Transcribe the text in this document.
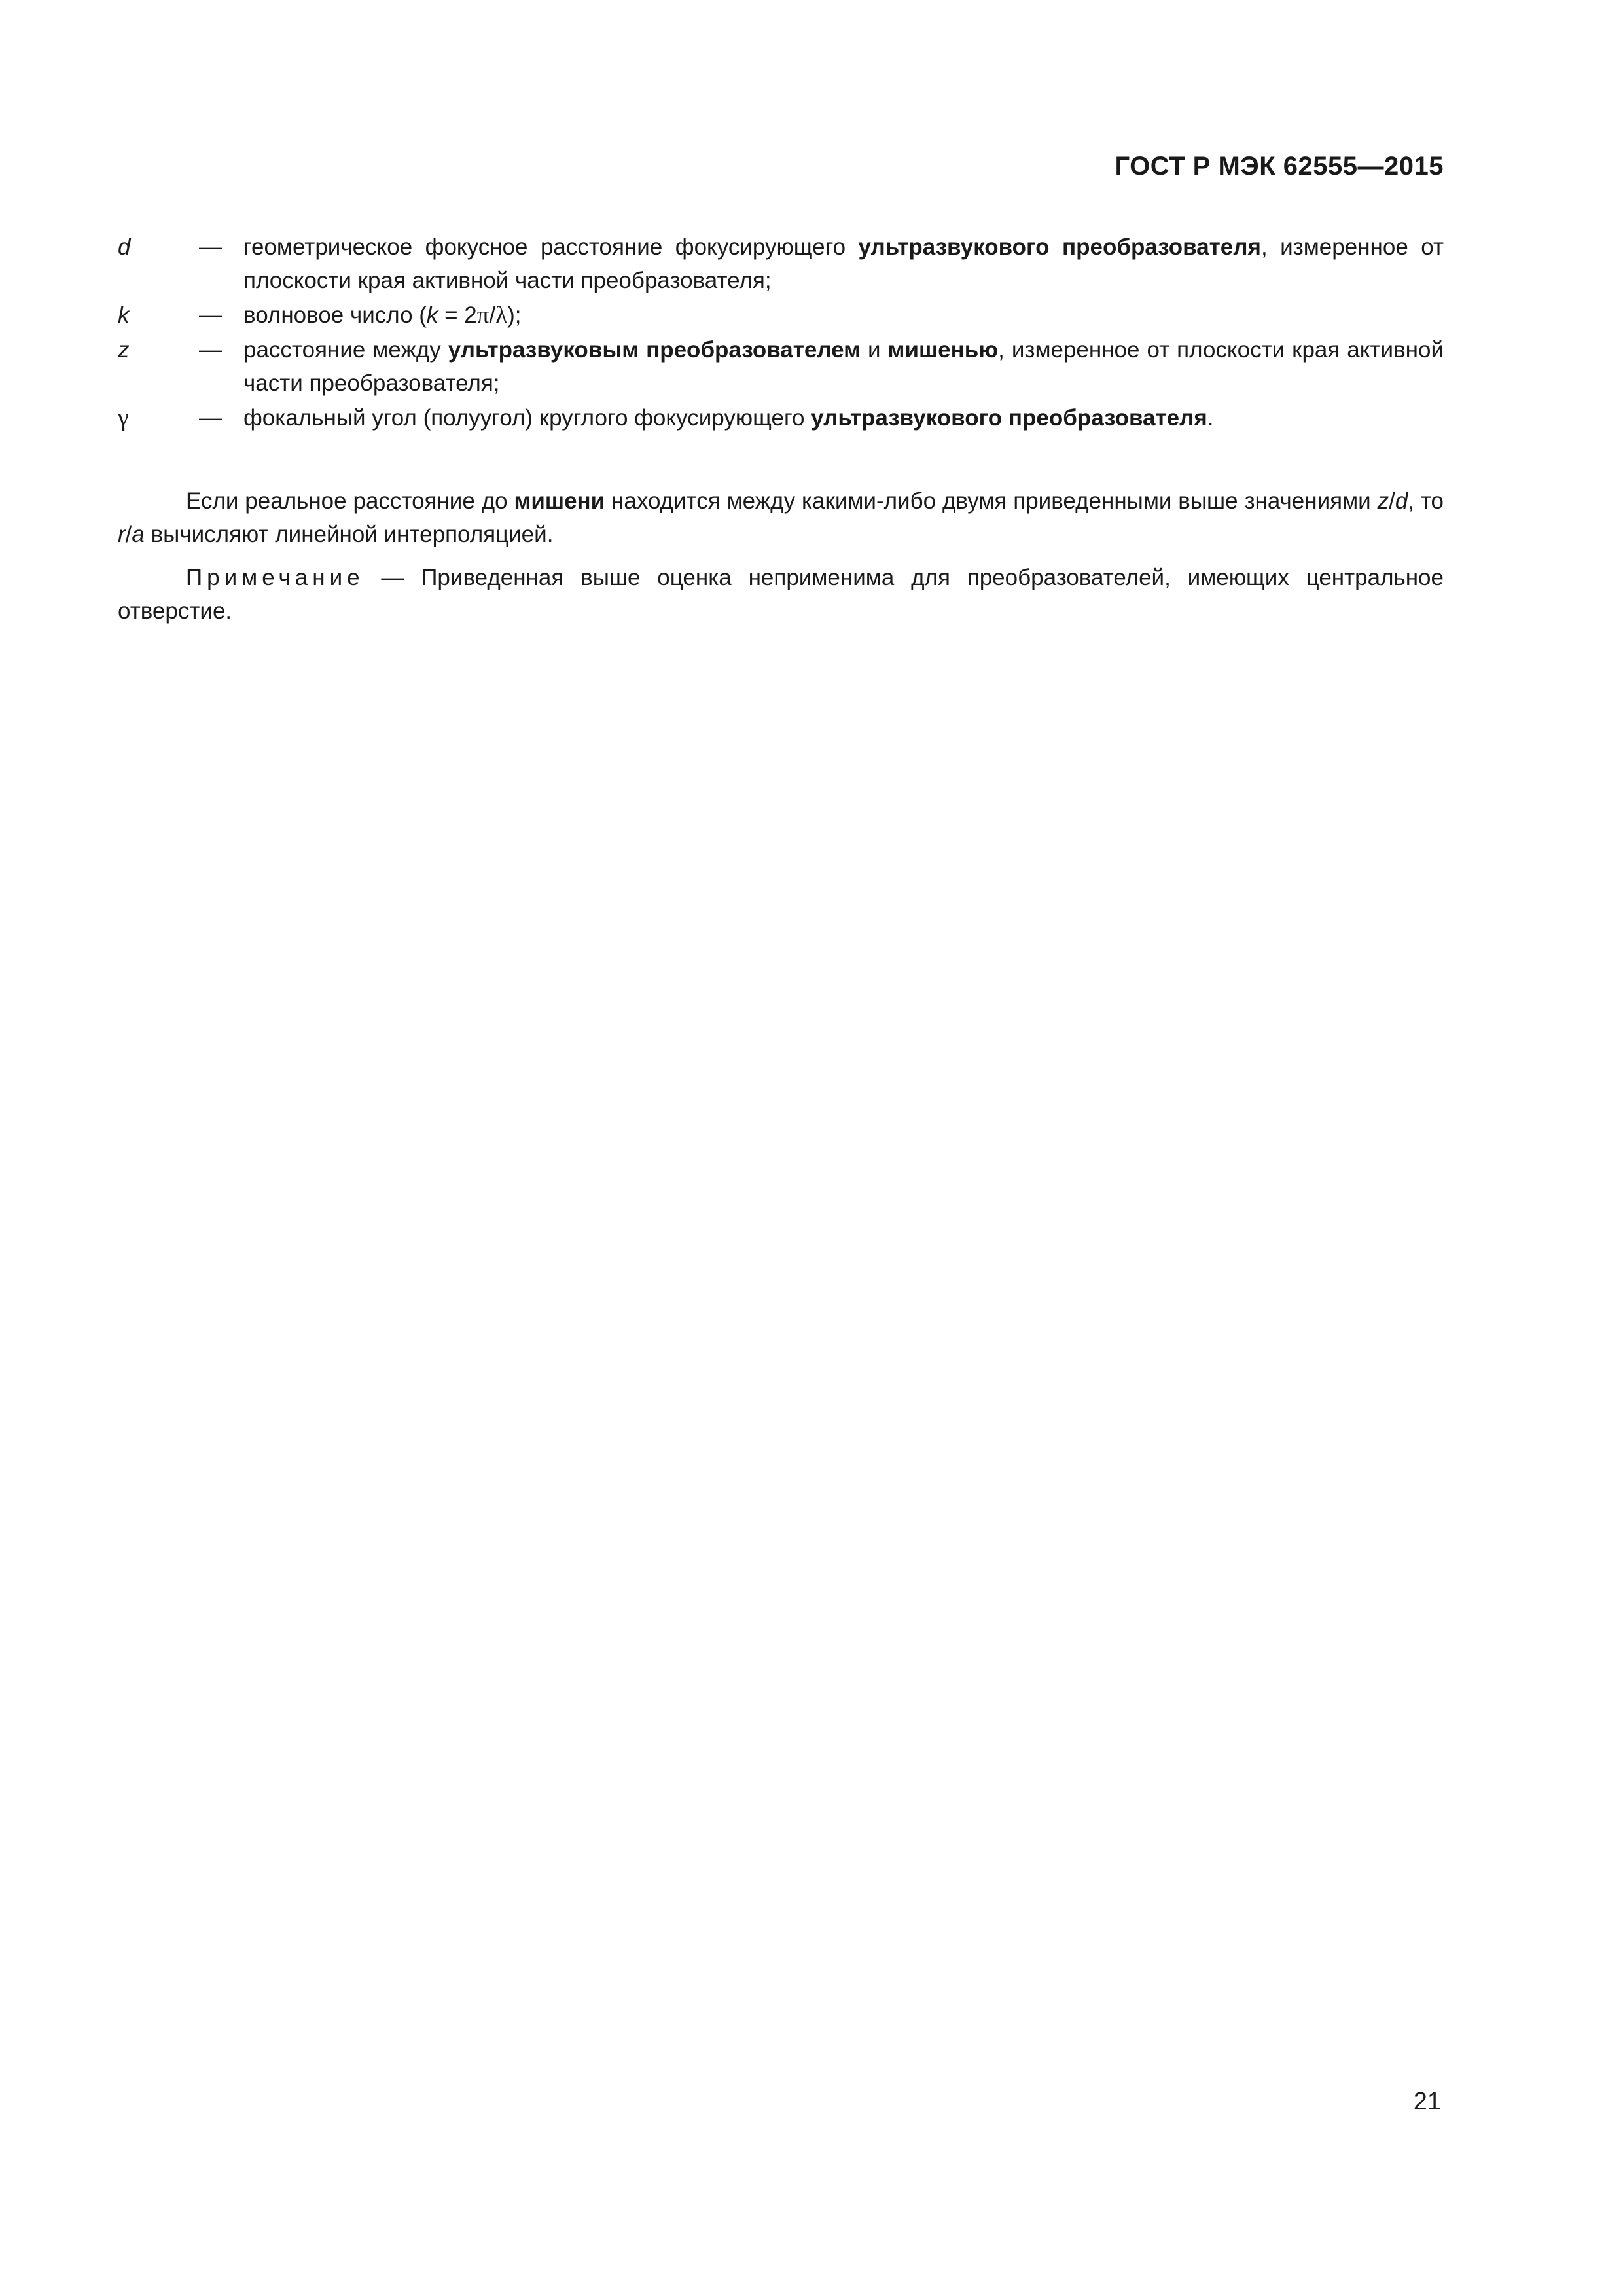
ГОСТ Р МЭК 62555—2015
d	— геометрическое фокусное расстояние фокусирующего ультразвукового преобразователя, измеренное от плоскости края активной части преобразователя;
k	— волновое число (k = 2π/λ);
z	— расстояние между ультразвуковым преобразователем и мишенью, измеренное от плоскости края активной части преобразователя;
γ	— фокальный угол (полуугол) круглого фокусирующего ультразвукового преобразователя.

Если реальное расстояние до мишени находится между какими-либо двумя приведенными выше значениями z/d, то r/a вычисляют линейной интерполяцией.

Примечание — Приведенная выше оценка неприменима для преобразователей, имеющих центральное отверстие.

21
